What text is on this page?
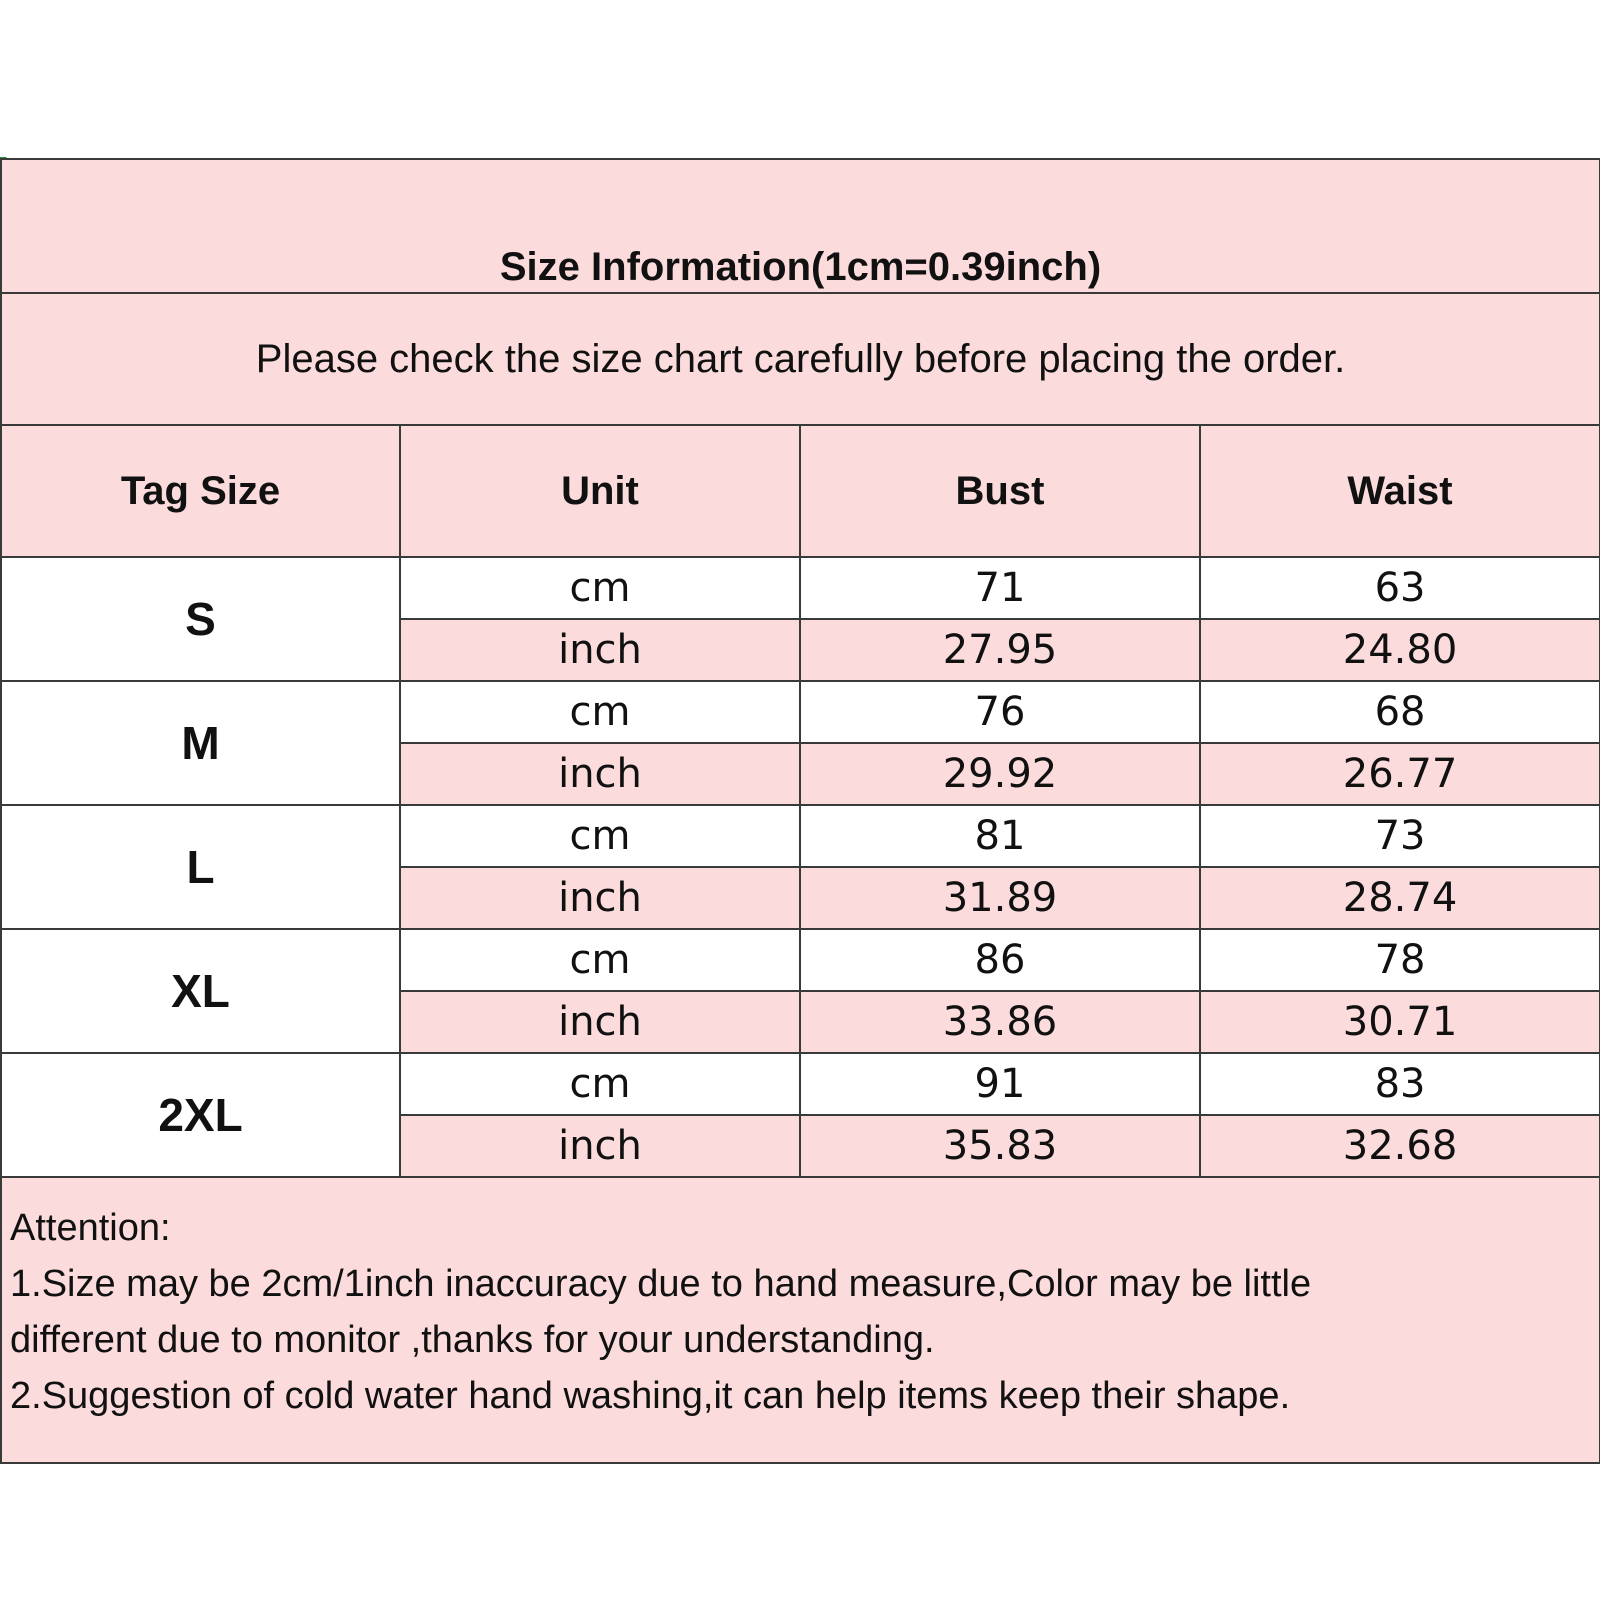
Size Information(1cm=0.39inch)			
Please check the size chart carefully before placing the order.			
Tag Size	Unit	Bust	Waist
S	cm	71	63
	inch	27.95	24.80
M	cm	76	68
	inch	29.92	26.77
L	cm	81	73
	inch	31.89	28.74
XL	cm	86	78
	inch	33.86	30.71
2XL	cm	91	83
	inch	35.83	32.68

Attention:
1.Size may be 2cm/1inch inaccuracy due to hand measure,Color may be little
different due to monitor ,thanks for your understanding.
2.Suggestion of cold water hand washing,it can help items keep their shape.			
